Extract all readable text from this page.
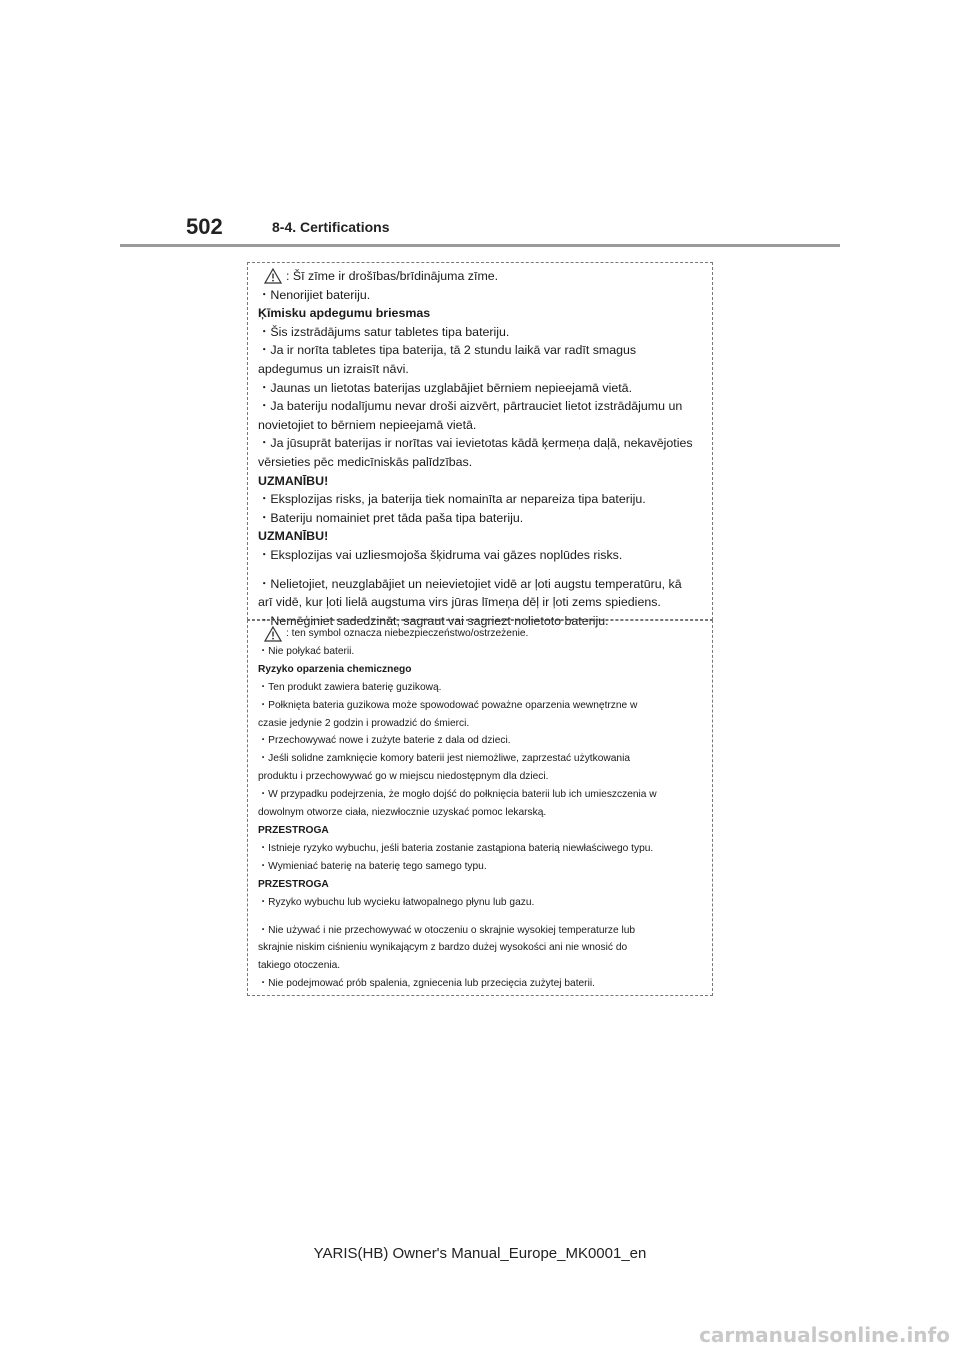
502	8-4. Certifications
: Šī zīme ir drošības/brīdinājuma zīme.
・Nenorijiet bateriju.
Ķīmisku apdegumu briesmas
・Šis izstrādājums satur tabletes tipa bateriju.
・Ja ir norīta tabletes tipa baterija, tā 2 stundu laikā var radīt smagus
apdegumus un izraisīt nāvi.
・Jaunas un lietotas baterijas uzglabājiet bērniem nepieejamā vietā.
・Ja bateriju nodalījumu nevar droši aizvērt, pārtrauciet lietot izstrādājumu un
novietojiet to bērniem nepieejamā vietā.
・Ja jūsuprāt baterijas ir norītas vai ievietotas kādā ķermeņa daļā, nekavējoties
vērsieties pēc medicīniskās palīdzības.
UZMANĪBU!
・Eksplozijas risks, ja baterija tiek nomainīta ar nepareiza tipa bateriju.
・Bateriju nomainiet pret tāda paša tipa bateriju.
UZMANĪBU!
・Eksplozijas vai uzliesmojoša šķidruma vai gāzes noplūdes risks.
・Nelietojiet, neuzglabājiet un neievietojiet vidē ar ļoti augstu temperatūru, kā
arī vidē, kur ļoti lielā augstuma virs jūras līmeņa dēļ ir ļoti zems spiediens.
・Nemēģiniet sadedzināt, sagraut vai sagriezt nolietoto bateriju.
: ten symbol oznacza niebezpieczeństwo/ostrzeżenie.
・Nie połykać baterii.
Ryzyko oparzenia chemicznego
・Ten produkt zawiera baterię guzikową.
・Połknięta bateria guzikowa może spowodować poważne oparzenia wewnętrzne w
czasie jedynie 2 godzin i prowadzić do śmierci.
・Przechowywać nowe i zużyte baterie z dala od dzieci.
・Jeśli solidne zamknięcie komory baterii jest niemożliwe, zaprzestać użytkowania
produktu i przechowywać go w miejscu niedostępnym dla dzieci.
・W przypadku podejrzenia, że mogło dojść do połknięcia baterii lub ich umieszczenia w
dowolnym otworze ciała, niezwłocznie uzyskać pomoc lekarską.
PRZESTROGA
・Istnieje ryzyko wybuchu, jeśli bateria zostanie zastąpiona baterią niewłaściwego typu.
・Wymieniać baterię na baterię tego samego typu.
PRZESTROGA
・Ryzyko wybuchu lub wycieku łatwopalnego płynu lub gazu.
・Nie używać i nie przechowywać w otoczeniu o skrajnie wysokiej temperaturze lub
skrajnie niskim ciśnieniu wynikającym z bardzo dużej wysokości ani nie wnosić do
takiego otoczenia.
・Nie podejmować prób spalenia, zgniecenia lub przecięcia zużytej baterii.
YARIS(HB) Owner's Manual_Europe_MK0001_en
carmanualsonline.info
